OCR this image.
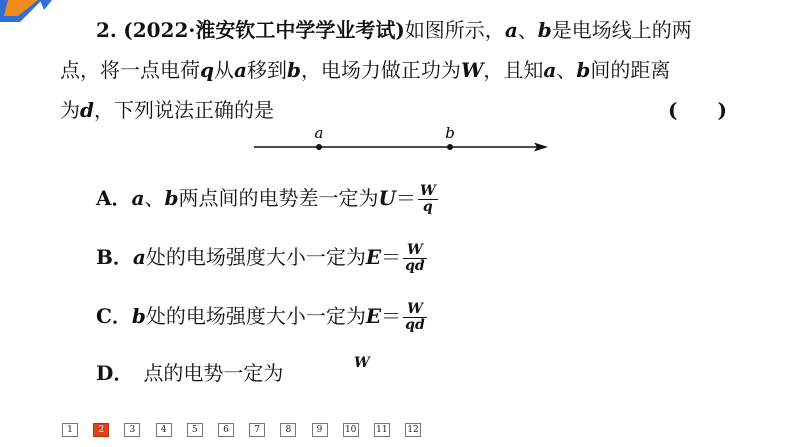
2. (2022·淮安钦工中学学业考试)如图所示，a、b是电场线上的两
点，将一点电荷q从a移到b，电场力做正功为W，且知a、b间的距离
为d，下列说法正确的是	(　　)
a	b
A．a、b两点间的电势差一定为$U= \frac{W}{q}$
B．a处的电场强度大小一定为$E= \frac{W}{qd}$
C．b处的电场强度大小一定为$E= \frac{W}{qd}$
D．　点的电势一定为	W
1	2	3	4	5	6	7	8	9	10 11 12
